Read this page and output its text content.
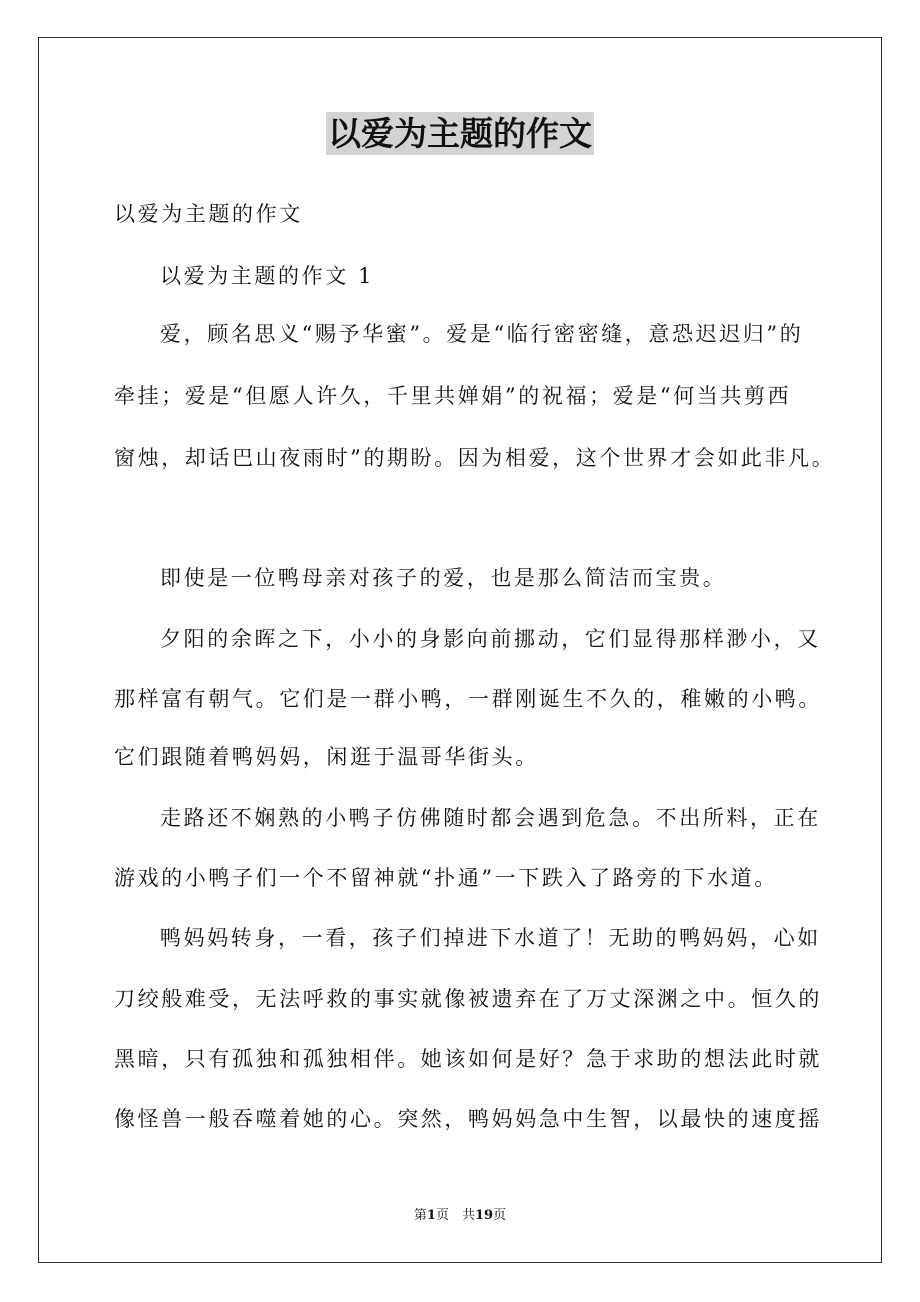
以爱为主题的作文

以爱为主题的作文

以爱为主题的作文 1

爱，顾名思义“赐予华蜜”。爱是“临行密密缝，意恐迟迟归”的

牵挂；爱是“但愿人许久，千里共婵娟”的祝福；爱是“何当共剪西

窗烛，却话巴山夜雨时”的期盼。因为相爱，这个世界才会如此非凡。

即使是一位鸭母亲对孩子的爱，也是那么简洁而宝贵。

夕阳的余晖之下，小小的身影向前挪动，它们显得那样渺小，又

那样富有朝气。它们是一群小鸭，一群刚诞生不久的，稚嫩的小鸭。

它们跟随着鸭妈妈，闲逛于温哥华街头。

走路还不娴熟的小鸭子仿佛随时都会遇到危急。不出所料，正在

游戏的小鸭子们一个不留神就“扑通”一下跌入了路旁的下水道。

鸭妈妈转身，一看，孩子们掉进下水道了！无助的鸭妈妈，心如

刀绞般难受，无法呼救的事实就像被遗弃在了万丈深渊之中。恒久的

黑暗，只有孤独和孤独相伴。她该如何是好？急于求助的想法此时就

像怪兽一般吞噬着她的心。突然，鸭妈妈急中生智，以最快的速度摇

第1页　共19页
